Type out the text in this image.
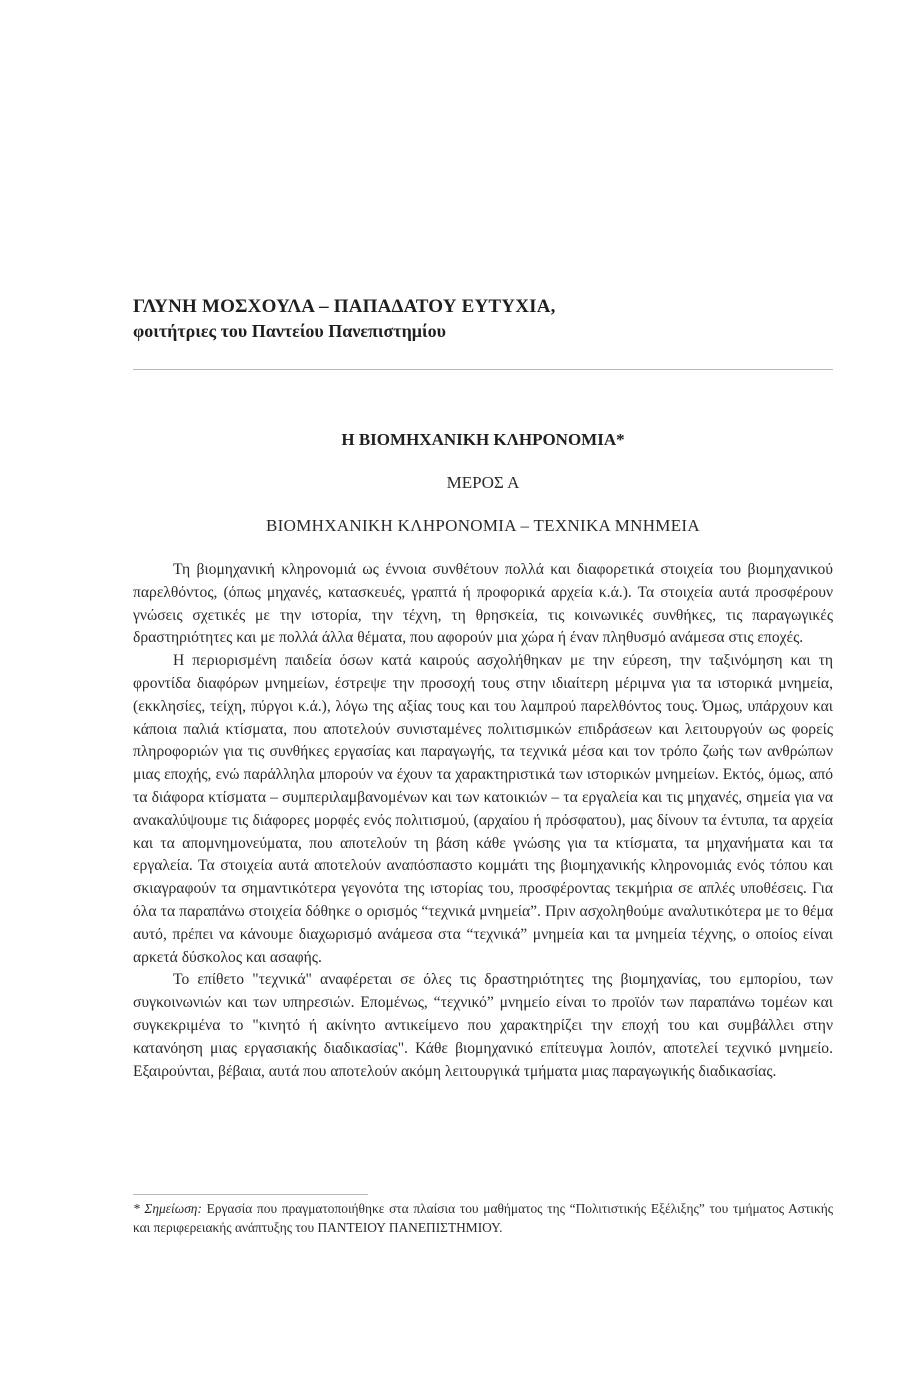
ΓΛΥΝΗ ΜΟΣΧΟΥΛΑ – ΠΑΠΑΔΑΤΟΥ ΕΥΤΥΧΙΑ,
φοιτήτριες του Παντείου Πανεπιστημίου
Η ΒΙΟΜΗΧΑΝΙΚΗ ΚΛΗΡΟΝΟΜΙΑ*
ΜΕΡΟΣ Α
ΒΙΟΜΗΧΑΝΙΚΗ ΚΛΗΡΟΝΟΜΙΑ – ΤΕΧΝΙΚΑ ΜΝΗΜΕΙΑ

Τη βιομηχανική κληρονομιά ως έννοια συνθέτουν πολλά και διαφορετικά στοιχεία του βιομηχανικού παρελθόντος, (όπως μηχανές, κατασκευές, γραπτά ή προφορικά αρχεία κ.ά.). Τα στοιχεία αυτά προσφέρουν γνώσεις σχετικές με την ιστορία, την τέχνη, τη θρησκεία, τις κοινωνικές συνθήκες, τις παραγωγικές δραστηριότητες και με πολλά άλλα θέματα, που αφορούν μια χώρα ή έναν πληθυσμό ανάμεσα στις εποχές.

Η περιορισμένη παιδεία όσων κατά καιρούς ασχολήθηκαν με την εύρεση, την ταξινόμηση και τη φροντίδα διαφόρων μνημείων, έστρεψε την προσοχή τους στην ιδιαίτερη μέριμνα για τα ιστορικά μνημεία, (εκκλησίες, τείχη, πύργοι κ.ά.), λόγω της αξίας τους και του λαμπρού παρελθόντος τους. Όμως, υπάρχουν και κάποια παλιά κτίσματα, που αποτελούν συνισταμένες πολιτισμικών επιδράσεων και λειτουργούν ως φορείς πληροφοριών για τις συνθήκες εργασίας και παραγωγής, τα τεχνικά μέσα και τον τρόπο ζωής των ανθρώπων μιας εποχής, ενώ παράλληλα μπορούν να έχουν τα χαρακτηριστικά των ιστορικών μνημείων. Εκτός, όμως, από τα διάφορα κτίσματα – συμπεριλαμβανομένων και των κατοικιών – τα εργαλεία και τις μηχανές, σημεία για να ανακαλύψουμε τις διάφορες μορφές ενός πολιτισμού, (αρχαίου ή πρόσφατου), μας δίνουν τα έντυπα, τα αρχεία και τα απομνημονεύματα, που αποτελούν τη βάση κάθε γνώσης για τα κτίσματα, τα μηχανήματα και τα εργαλεία. Τα στοιχεία αυτά αποτελούν αναπόσπαστο κομμάτι της βιομηχανικής κληρονομιάς ενός τόπου και σκιαγραφούν τα σημαντικότερα γεγονότα της ιστορίας του, προσφέροντας τεκμήρια σε απλές υποθέσεις. Για όλα τα παραπάνω στοιχεία δόθηκε ο ορισμός “τεχνικά μνημεία”. Πριν ασχοληθούμε αναλυτικότερα με το θέμα αυτό, πρέπει να κάνουμε διαχωρισμό ανάμεσα στα “τεχνικά” μνημεία και τα μνημεία τέχνης, ο οποίος είναι αρκετά δύσκολος και ασαφής.

Το επίθετο "τεχνικά" αναφέρεται σε όλες τις δραστηριότητες της βιομηχανίας, του εμπορίου, των συγκοινωνιών και των υπηρεσιών. Επομένως, “τεχνικό” μνημείο είναι το προϊόν των παραπάνω τομέων και συγκεκριμένα το "κινητό ή ακίνητο αντικείμενο που χαρακτηρίζει την εποχή του και συμβάλλει στην κατανόηση μιας εργασιακής διαδικασίας". Κάθε βιομηχανικό επίτευγμα λοιπόν, αποτελεί τεχνικό μνημείο. Εξαιρούνται, βέβαια, αυτά που αποτελούν ακόμη λειτουργικά τμήματα μιας παραγωγικής διαδικασίας.

* Σημείωση: Εργασία που πραγματοποιήθηκε στα πλαίσια του μαθήματος της “Πολιτιστικής Εξέλιξης” του τμήματος Αστικής και περιφερειακής ανάπτυξης του ΠΑΝΤΕΙΟΥ ΠΑΝΕΠΙΣΤΗΜΙΟΥ.
